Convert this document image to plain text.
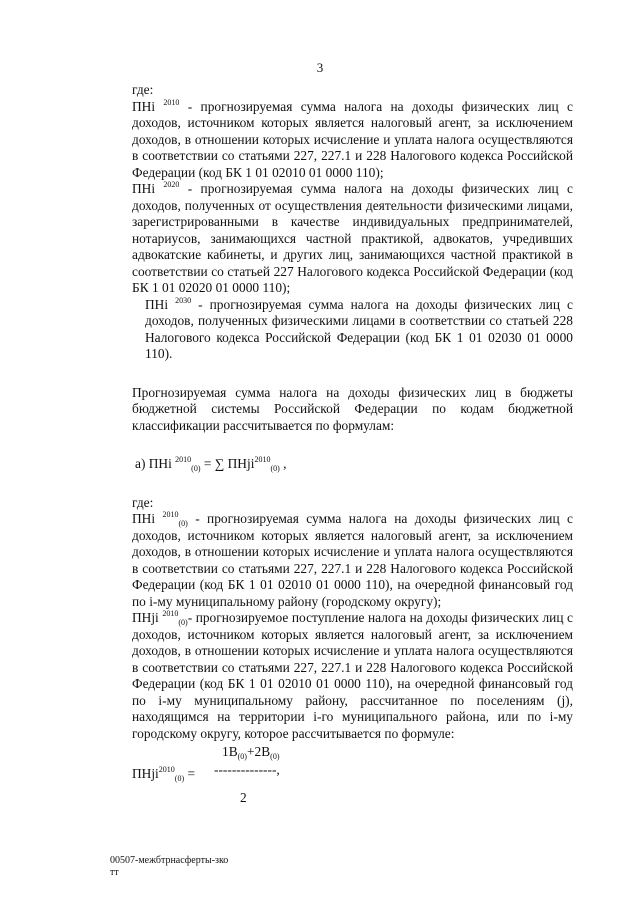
3

где:

ПНi $^{2010}$ - прогнозируемая сумма налога на доходы физических лиц с доходов, источником которых является налоговый агент, за исключением доходов, в отношении которых исчисление и уплата налога осуществляются в соответствии со статьями 227, 227.1 и 228 Налогового кодекса Российской Федерации (код БК 1 01 02010 01 0000 110);

ПНi $^{2020}$ - прогнозируемая сумма налога на доходы физических лиц с доходов, полученных от осуществления деятельности физическими лицами, зарегистрированными в качестве индивидуальных предпринимателей, нотариусов, занимающихся частной практикой, адвокатов, учредивших адвокатские кабинеты, и других лиц, занимающихся частной практикой в соответствии со статьей 227 Налогового кодекса Российской Федерации (код БК 1 01 02020 01 0000 110);

ПНi $^{2030}$ - прогнозируемая сумма налога на доходы физических лиц с доходов, полученных физическими лицами в соответствии со статьей 228 Налогового кодекса Российской Федерации (код БК 1 01 02030 01 0000 110).

Прогнозируемая сумма налога на доходы физических лиц в бюджеты бюджетной системы Российской Федерации по кодам бюджетной классификации рассчитывается по формулам:

а) ПНi $^{2010}_{(0)}$ = ∑ ПНji$^{2010}_{(0)}$ ,

где:

ПНi $^{2010}_{(0)}$ - прогнозируемая сумма налога на доходы физических лиц с доходов, источником которых является налоговый агент, за исключением доходов, в отношении которых исчисление и уплата налога осуществляются в соответствии со статьями 227, 227.1 и 228 Налогового кодекса Российской Федерации (код БК 1 01 02010 01 0000 110), на очередной финансовый год по i-му муниципальному району (городскому округу);

ПНji $^{2010}_{(0)}$- прогнозируемое поступление налога на доходы физических лиц с доходов, источником которых является налоговый агент, за исключением доходов, в отношении которых исчисление и уплата налога осуществляются в соответствии со статьями 227, 227.1 и 228 Налогового кодекса Российской Федерации (код БК 1 01 02010 01 0000 110), на очередной финансовый год по i-му муниципальному району, рассчитанное по поселениям (j), находящимся на территории i-го муниципального района, или по i-му городскому округу, которое рассчитывается по формуле:

ПНji$^{2010}_{(0)}$ =
$1В_{(0)}+2В_{(0)}$
--------------,
2
00507-межбтрнасферты-зко
тт
